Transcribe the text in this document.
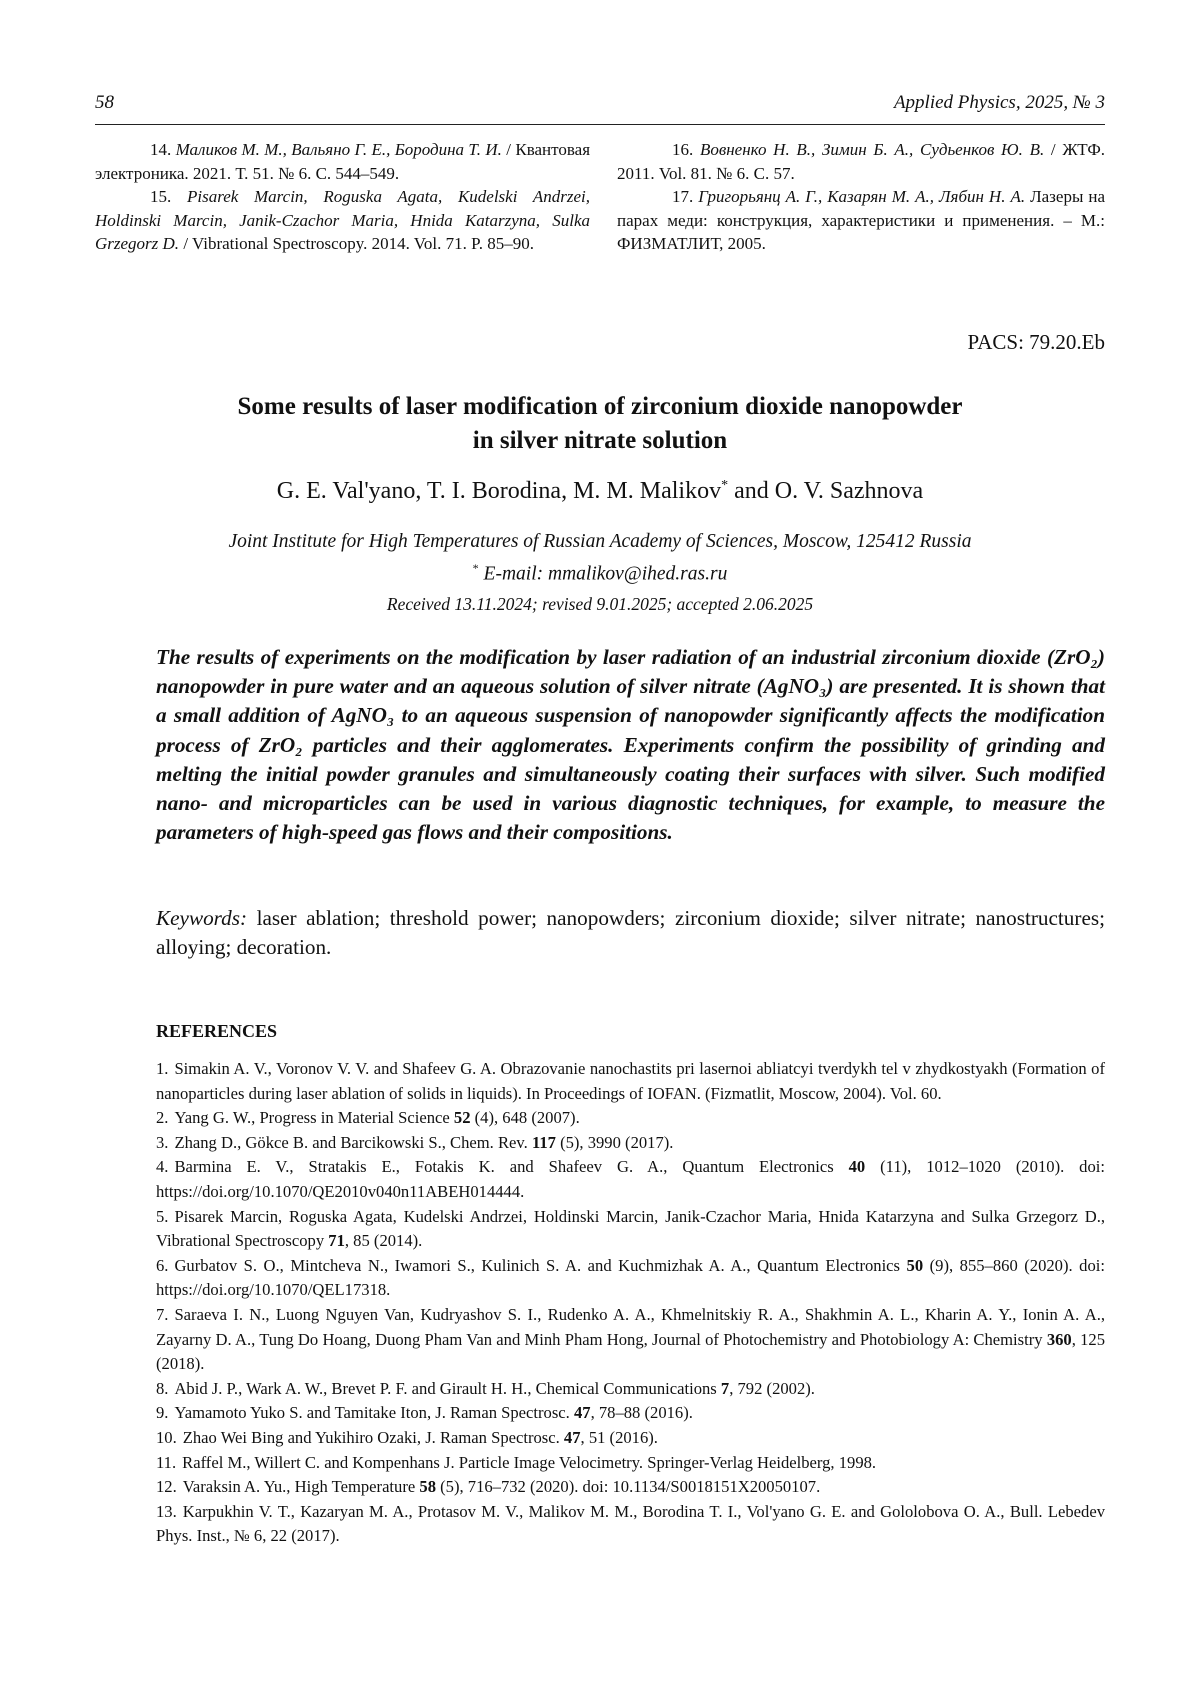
58	Applied Physics, 2025, № 3

14. Маликов М. М., Вальяно Г. Е., Бородина Т. И. / Квантовая электроника. 2021. Т. 51. № 6. С. 544–549.

15. Pisarek Marcin, Roguska Agata, Kudelski Andrzei, Holdinski Marcin, Janik-Czachor Maria, Hnida Katarzyna, Sulka Grzegorz D. / Vibrational Spectroscopy. 2014. Vol. 71. P. 85–90.

16. Вовненко Н. В., Зимин Б. А., Судьенков Ю. В. / ЖТФ. 2011. Vol. 81. № 6. С. 57.

17. Григорьянц А. Г., Казарян М. А., Лябин Н. А. Лазеры на парах меди: конструкция, характеристики и применения. – М.: ФИЗМАТЛИТ, 2005.

PACS: 79.20.Eb
Some results of laser modification of zirconium dioxide nanopowder
in silver nitrate solution
G. E. Val'yano, T. I. Borodina, M. M. Malikov* and O. V. Sazhnova
Joint Institute for High Temperatures of Russian Academy of Sciences, Moscow, 125412 Russia
* E-mail: mmalikov@ihed.ras.ru
Received 13.11.2024; revised 9.01.2025; accepted 2.06.2025
The results of experiments on the modification by laser radiation of an industrial zirconium dioxide (ZrO₂) nanopowder in pure water and an aqueous solution of silver nitrate (AgNO₃) are presented. It is shown that a small addition of AgNO₃ to an aqueous suspension of nanopowder significantly affects the modification process of ZrO₂ particles and their agglomerates. Experiments confirm the possibility of grinding and melting the initial powder granules and simultaneously coating their surfaces with silver. Such modified nano- and microparticles can be used in various diagnostic techniques, for example, to measure the parameters of high-speed gas flows and their compositions.
Keywords: laser ablation; threshold power; nanopowders; zirconium dioxide; silver nitrate; nanostructures; alloying; decoration.
REFERENCES

1. Simakin A. V., Voronov V. V. and Shafeev G. A. Obrazovanie nanochastits pri lasernoi abliatcyi tverdykh tel v zhydkostyakh (Formation of nanoparticles during laser ablation of solids in liquids). In Proceedings of IOFAN. (Fizmatlit, Moscow, 2004). Vol. 60.

2. Yang G. W., Progress in Material Science 52 (4), 648 (2007).

3. Zhang D., Gökce B. and Barcikowski S., Chem. Rev. 117 (5), 3990 (2017).

4. Barmina E. V., Stratakis E., Fotakis K. and Shafeev G. A., Quantum Electronics 40 (11), 1012–1020 (2010). doi: https://doi.org/10.1070/QE2010v040n11ABEH014444.

5. Pisarek Marcin, Roguska Agata, Kudelski Andrzei, Holdinski Marcin, Janik-Czachor Maria, Hnida Katarzyna and Sulka Grzegorz D., Vibrational Spectroscopy 71, 85 (2014).

6. Gurbatov S. O., Mintcheva N., Iwamori S., Kulinich S. A. and Kuchmizhak A. A., Quantum Electronics 50 (9), 855–860 (2020). doi: https://doi.org/10.1070/QEL17318.

7. Saraeva I. N., Luong Nguyen Van, Kudryashov S. I., Rudenko A. A., Khmelnitskiy R. A., Shakhmin A. L., Kharin A. Y., Ionin A. A., Zayarny D. A., Tung Do Hoang, Duong Pham Van and Minh Pham Hong, Journal of Photochemistry and Photobiology A: Chemistry 360, 125 (2018).

8. Abid J. P., Wark A. W., Brevet P. F. and Girault H. H., Chemical Communications 7, 792 (2002).

9. Yamamoto Yuko S. and Tamitake Iton, J. Raman Spectrosc. 47, 78–88 (2016).

10. Zhao Wei Bing and Yukihiro Ozaki, J. Raman Spectrosc. 47, 51 (2016).

11. Raffel M., Willert C. and Kompenhans J. Particle Image Velocimetry. Springer-Verlag Heidelberg, 1998.

12. Varaksin A. Yu., High Temperature 58 (5), 716–732 (2020). doi: 10.1134/S0018151X20050107.

13. Karpukhin V. T., Kazaryan M. A., Protasov M. V., Malikov M. M., Borodina T. I., Vol'yano G. E. and Gololobova O. A., Bull. Lebedev Phys. Inst., № 6, 22 (2017).
